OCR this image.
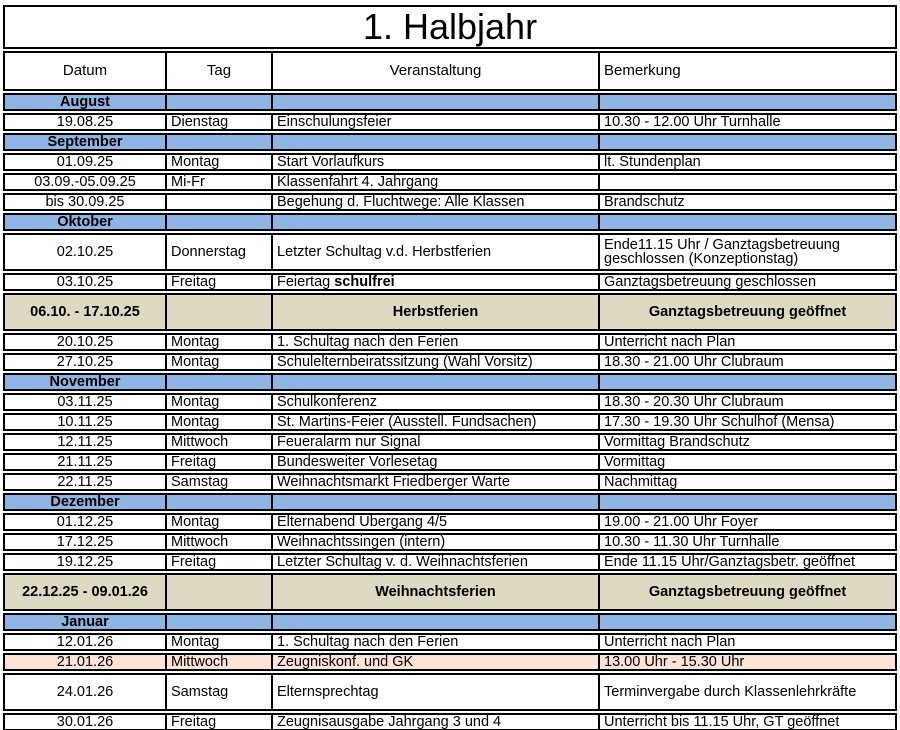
1. Halbjahr			
Datum	Tag	Veranstaltung	Bemerkung
August			
19.08.25	Dienstag	Einschulungsfeier	10.30 - 12.00 Uhr Turnhalle
September			
01.09.25	Montag	Start Vorlaufkurs	lt. Stundenplan
03.09.-05.09.25	Mi-Fr	Klassenfahrt 4. Jahrgang	
bis 30.09.25		Begehung d. Fluchtwege: Alle Klassen	Brandschutz
Oktober			
02.10.25	Donnerstag	Letzter Schultag v.d. Herbstferien	Ende11.15 Uhr / Ganztagsbetreuung geschlossen (Konzeptionstag)
03.10.25	Freitag	Feiertag schulfrei	Ganztagsbetreuung geschlossen
06.10. - 17.10.25		Herbstferien	Ganztagsbetreuung geöffnet
20.10.25	Montag	1. Schultag nach den Ferien	Unterricht nach Plan
27.10.25	Montag	Schulelternbeiratssitzung (Wahl Vorsitz)	18.30 - 21.00 Uhr Clubraum
November			
03.11.25	Montag	Schulkonferenz	18.30 - 20.30 Uhr Clubraum
10.11.25	Montag	St. Martins-Feier (Ausstell. Fundsachen)	17.30 - 19.30 Uhr Schulhof (Mensa)
12.11.25	Mittwoch	Feueralarm nur Signal	Vormittag Brandschutz
21.11.25	Freitag	Bundesweiter Vorlesetag	Vormittag
22.11.25	Samstag	Weihnachtsmarkt Friedberger Warte	Nachmittag
Dezember			
01.12.25	Montag	Elternabend Übergang 4/5	19.00 - 21.00 Uhr Foyer
17.12.25	Mittwoch	Weihnachtssingen (intern)	10.30 - 11.30 Uhr Turnhalle
19.12.25	Freitag	Letzter Schultag v. d. Weihnachtsferien	Ende 11.15 Uhr/Ganztagsbetr. geöffnet
22.12.25 - 09.01.26		Weihnachtsferien	Ganztagsbetreuung geöffnet
Januar			
12.01.26	Montag	1. Schultag nach den Ferien	Unterricht nach Plan
21.01.26	Mittwoch	Zeugniskonf. und GK	13.00 Uhr - 15.30 Uhr
24.01.26	Samstag	Elternsprechtag	Terminvergabe durch Klassenlehrkräfte
30.01.26	Freitag	Zeugnisausgabe Jahrgang 3 und 4	Unterricht bis 11.15 Uhr, GT geöffnet
